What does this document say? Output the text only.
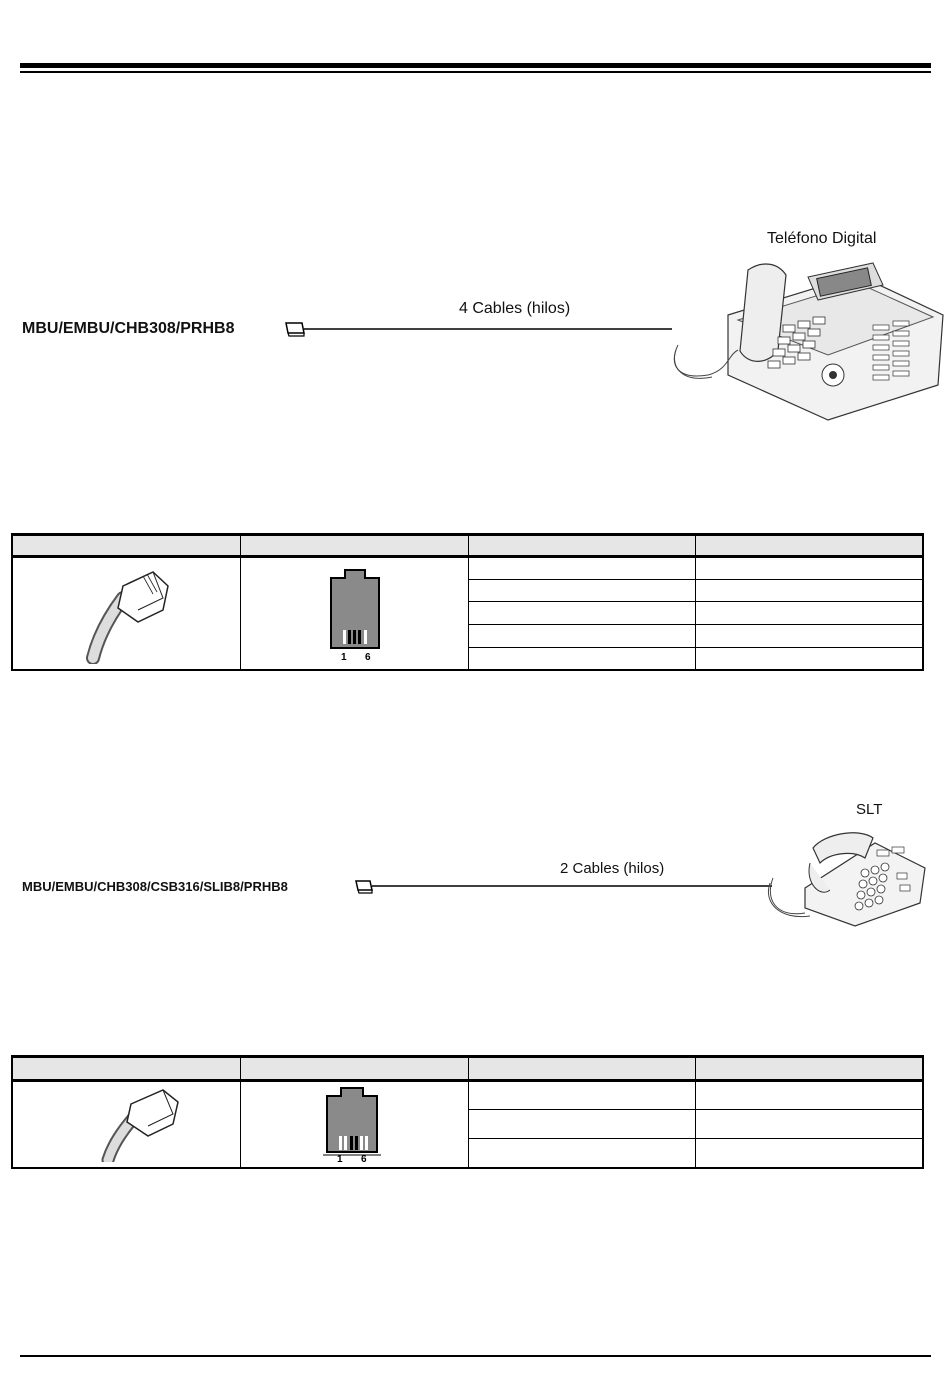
Teléfono Digital
4 Cables (hilos)
MBU/EMBU/CHB308/PRHB8

1 6		

SLT
2 Cables (hilos)
MBU/EMBU/CHB308/CSB316/SLIB8/PRHB8

1 6		
